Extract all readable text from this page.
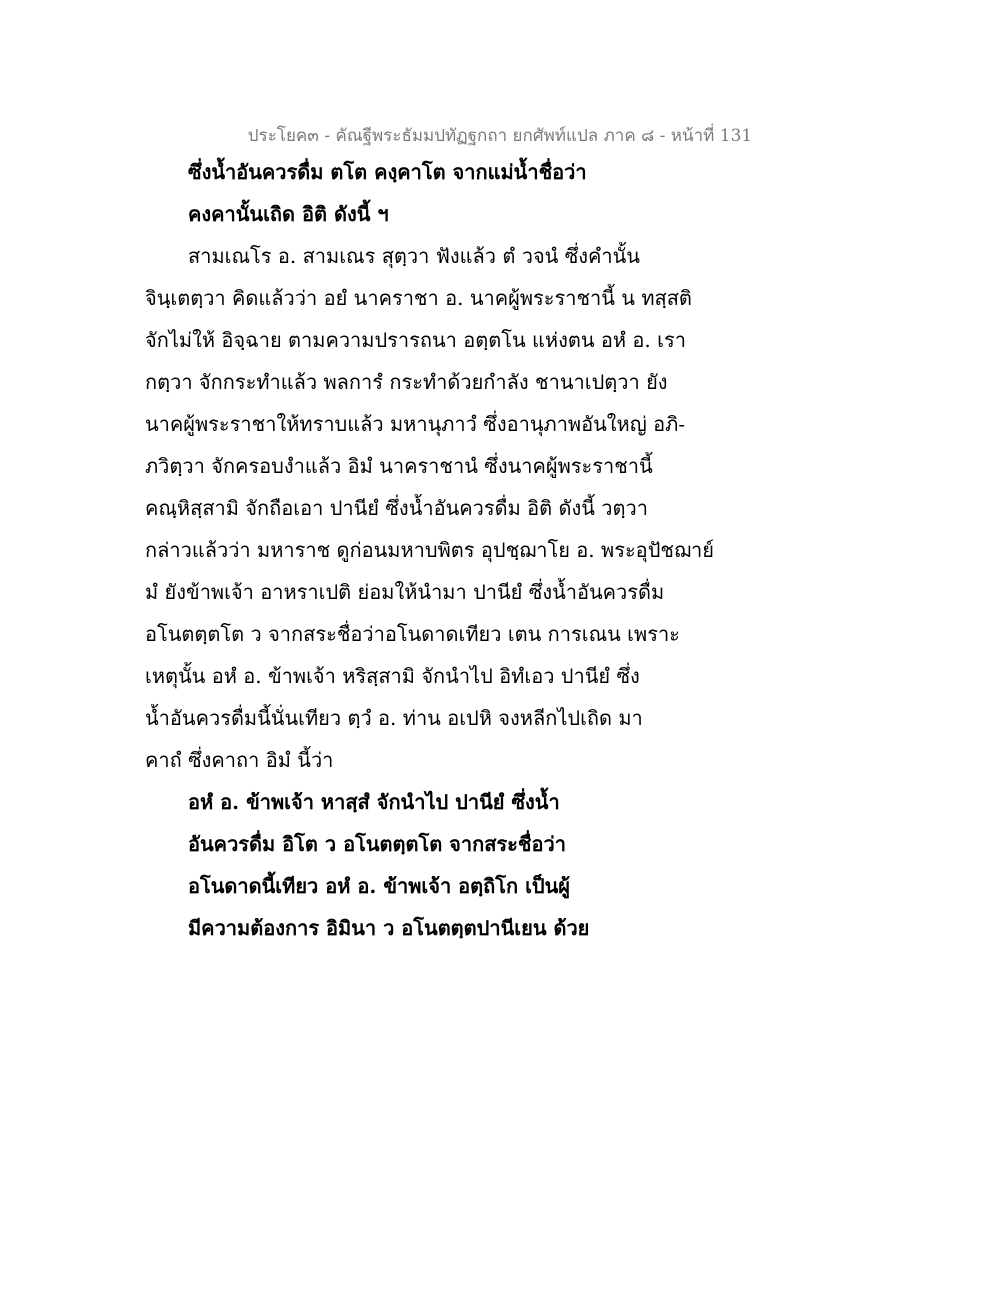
ประโยค๓ - คัณฐีพระธัมมปทัฏฐกถา ยกศัพท์แปล ภาค ๘ - หน้าที่ 131
ซึ่งน้ำอันควรดื่ม ตโต คงฺคาโต จากแม่น้ำชื่อว่า
คงคานั้นเถิด อิติ ดังนี้ ฯ
สามเณโร อ. สามเณร สุตฺวา ฟังแล้ว ตํ วจนํ ซึ่งคำนั้น
จินฺเตตฺวา คิดแล้วว่า อยํ นาคราชา อ. นาคผู้พระราชานี้ น ทสฺสติ
จักไม่ให้ อิจฺฉาย ตามความปรารถนา อตฺตโน แห่งตน อหํ อ. เรา
กตฺวา จักกระทำแล้ว พลการํ กระทำด้วยกำลัง ชานาเปตฺวา ยัง
นาคผู้พระราชาให้ทราบแล้ว มหานุภาวํ ซึ่งอานุภาพอันใหญ่ อภิ-
ภวิตฺวา จักครอบงำแล้ว อิมํ นาคราชานํ ซึ่งนาคผู้พระราชานี้
คณฺหิสฺสามิ จักถือเอา ปานียํ ซึ่งน้ำอันควรดื่ม อิติ ดังนี้ วตฺวา
กล่าวแล้วว่า มหาราช ดูก่อนมหาบพิตร อุปชฺฌาโย อ. พระอุปัชฌาย์
มํ ยังข้าพเจ้า อาหราเปติ ย่อมให้นำมา ปานียํ ซึ่งน้ำอันควรดื่ม
อโนตตฺตโต ว จากสระชื่อว่าอโนดาดเทียว เตน การเณน เพราะ
เหตุนั้น อหํ อ. ข้าพเจ้า หริสฺสามิ จักนำไป อิทํเอว ปานียํ ซึ่ง
น้ำอันควรดื่มนี้นั่นเทียว ตฺวํ อ. ท่าน อเปหิ จงหลีกไปเถิด มา
คาถํ ซึ่งคาถา อิมํ นี้ว่า
อหํ อ. ข้าพเจ้า หาสฺสํ จักนำไป ปานียํ ซึ่งน้ำ
อันควรดื่ม อิโต ว อโนตตฺตโต จากสระชื่อว่า
อโนดาดนี้เทียว อหํ อ. ข้าพเจ้า อตฺถิโก เป็นผู้
มีความต้องการ อิมินา ว อโนตตฺตปานีเยน ด้วย
